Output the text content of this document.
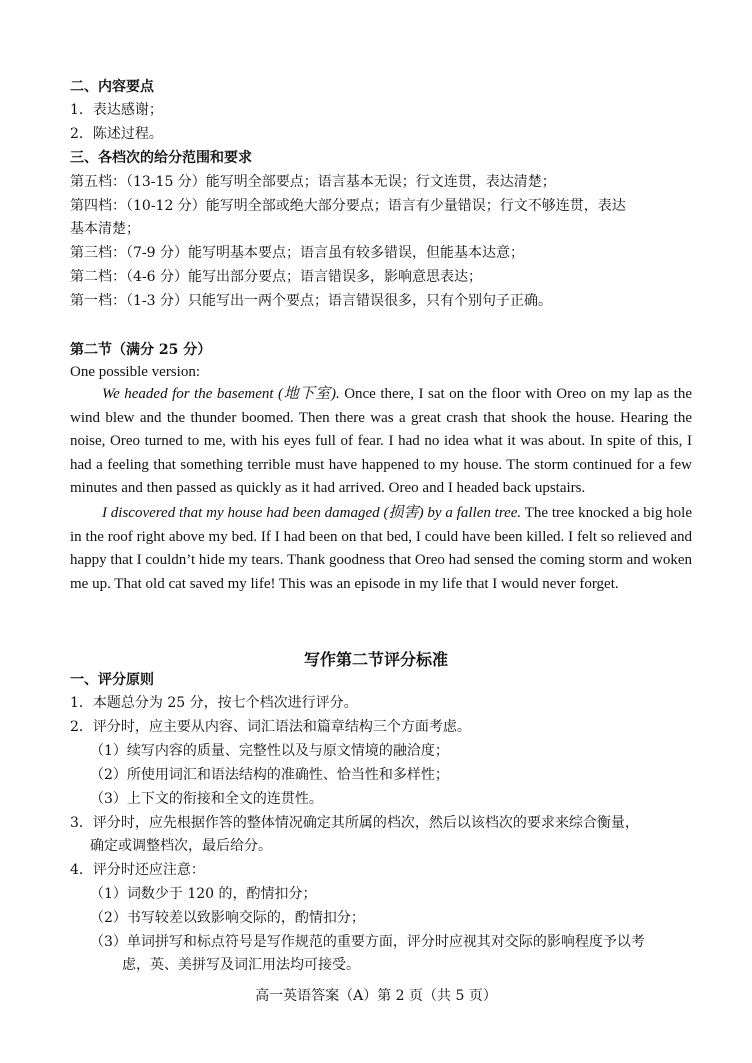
二、内容要点
1．表达感谢；
2．陈述过程。
三、各档次的给分范围和要求
第五档：（13-15 分）能写明全部要点；语言基本无误；行文连贯，表达清楚；
第四档：（10-12 分）能写明全部或绝大部分要点；语言有少量错误；行文不够连贯，表达
基本清楚；
第三档：（7-9 分）能写明基本要点；语言虽有较多错误，但能基本达意；
第二档：（4-6 分）能写出部分要点；语言错误多，影响意思表达；
第一档：（1-3 分）只能写出一两个要点；语言错误很多，只有个别句子正确。
第二节（满分 25 分）
One possible version:
We headed for the basement (地下室). Once there, I sat on the floor with Oreo on my lap as the wind blew and the thunder boomed. Then there was a great crash that shook the house. Hearing the noise, Oreo turned to me, with his eyes full of fear. I had no idea what it was about. In spite of this, I had a feeling that something terrible must have happened to my house. The storm continued for a few minutes and then passed as quickly as it had arrived. Oreo and I headed back upstairs.
I discovered that my house had been damaged (损害) by a fallen tree. The tree knocked a big hole in the roof right above my bed. If I had been on that bed, I could have been killed. I felt so relieved and happy that I couldn’t hide my tears. Thank goodness that Oreo had sensed the coming storm and woken me up. That old cat saved my life! This was an episode in my life that I would never forget.
写作第二节评分标准
一、评分原则
1．本题总分为 25 分，按七个档次进行评分。
2．评分时，应主要从内容、词汇语法和篇章结构三个方面考虑。
（1）续写内容的质量、完整性以及与原文情境的融洽度；
（2）所使用词汇和语法结构的准确性、恰当性和多样性；
（3）上下文的衔接和全文的连贯性。
3．评分时，应先根据作答的整体情况确定其所属的档次，然后以该档次的要求来综合衡量，
确定或调整档次，最后给分。
4．评分时还应注意：
（1）词数少于 120 的，酌情扣分；
（2）书写较差以致影响交际的，酌情扣分；
（3）单词拼写和标点符号是写作规范的重要方面，评分时应视其对交际的影响程度予以考
虑，英、美拼写及词汇用法均可接受。
高一英语答案（A）第 2 页（共 5 页）
